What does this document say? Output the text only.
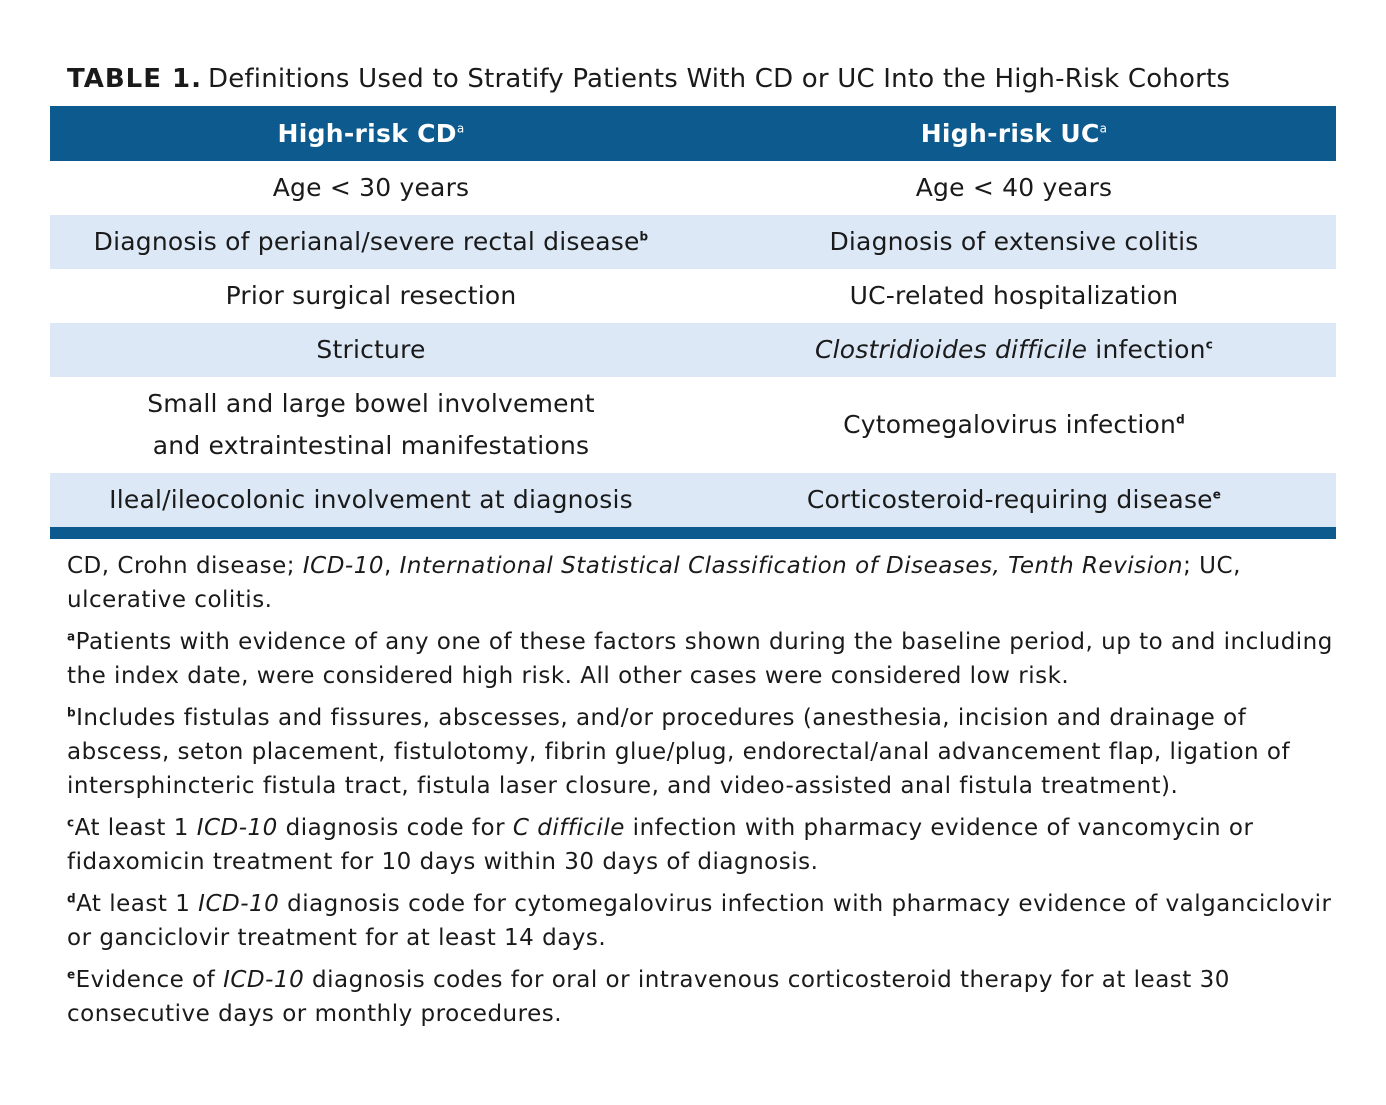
TABLE 1. Definitions Used to Stratify Patients With CD or UC Into the High-Risk Cohorts
High-risk $CD^a$	High-risk $UC^a$
Age < 30 years	Age < 40 years
Diagnosis of perianal/severe rectal disease$^b$	Diagnosis of extensive colitis
Prior surgical resection	UC-related hospitalization
Stricture	Clostridioides difficile infection$^c$
Small and large bowel involvement
and extraintestinal manifestations	Cytomegalovirus infection$^d$
Ileal/ileocolonic involvement at diagnosis	Corticosteroid-requiring disease$^e$

CD, Crohn disease; ICD-10, International Statistical Classification of Diseases, Tenth Revision; UC, ulcerative colitis.

$^a$Patients with evidence of any one of these factors shown during the baseline period, up to and including the index date, were considered high risk. All other cases were considered low risk.

$^b$Includes fistulas and fissures, abscesses, and/or procedures (anesthesia, incision and drainage of abscess, seton placement, fistulotomy, fibrin glue/plug, endorectal/anal advancement flap, ligation of intersphincteric fistula tract, fistula laser closure, and video-assisted anal fistula treatment).

$^c$At least 1 ICD-10 diagnosis code for C difficile infection with pharmacy evidence of vancomycin or fidaxomicin treatment for 10 days within 30 days of diagnosis.

$^d$At least 1 ICD-10 diagnosis code for cytomegalovirus infection with pharmacy evidence of valganciclovir or ganciclovir treatment for at least 14 days.

$^e$Evidence of ICD-10 diagnosis codes for oral or intravenous corticosteroid therapy for at least 30 consecutive days or monthly procedures.
